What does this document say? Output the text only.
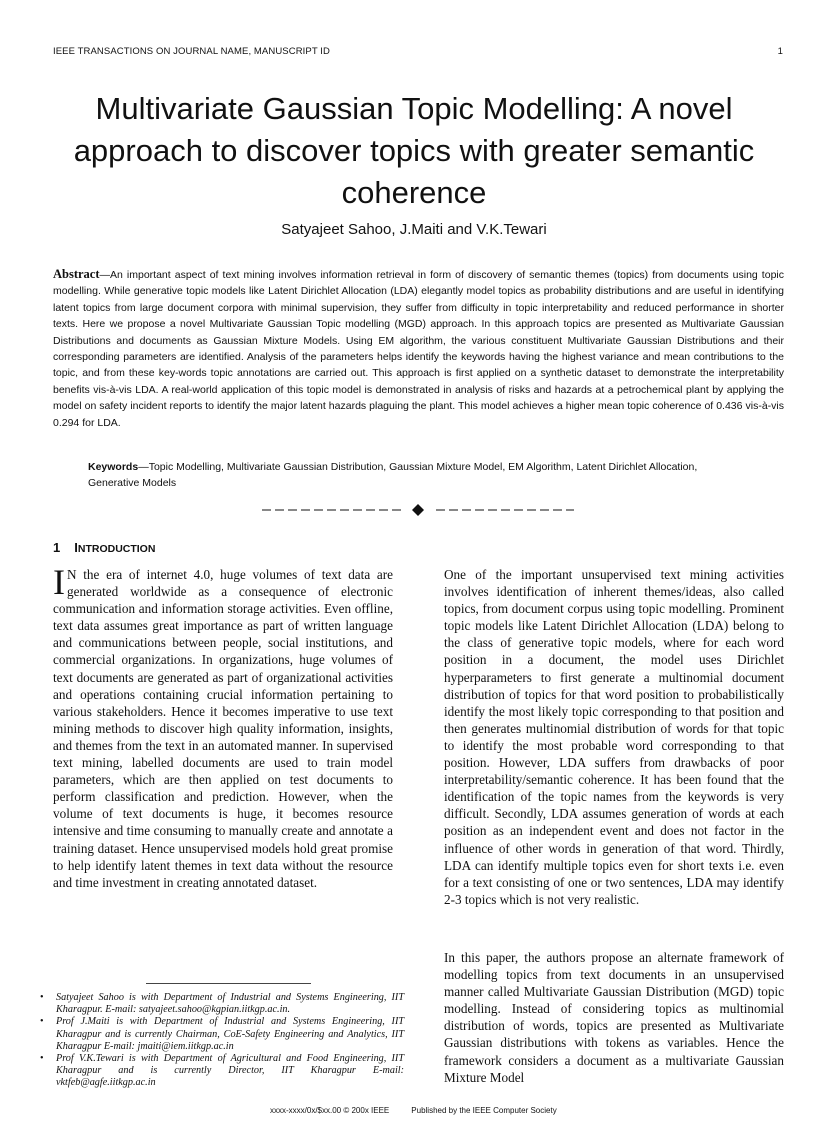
IEEE TRANSACTIONS ON JOURNAL NAME, MANUSCRIPT ID	1
Multivariate Gaussian Topic Modelling: A novel approach to discover topics with greater semantic coherence
Satyajeet Sahoo, J.Maiti and V.K.Tewari

Abstract—An important aspect of text mining involves information retrieval in form of discovery of semantic themes (topics) from documents using topic modelling. While generative topic models like Latent Dirichlet Allocation (LDA) elegantly model topics as probability distributions and are useful in identifying latent topics from large document corpora with minimal supervision, they suffer from difficulty in topic interpretability and reduced performance in shorter texts. Here we propose a novel Multivariate Gaussian Topic modelling (MGD) approach. In this approach topics are presented as Multivariate Gaussian Distributions and documents as Gaussian Mixture Models. Using EM algorithm, the various constituent Multivariate Gaussian Distributions and their corresponding parameters are identified. Analysis of the parameters helps identify the keywords having the highest variance and mean contributions to the topic, and from these key-words topic annotations are carried out. This approach is first applied on a synthetic dataset to demonstrate the interpretability benefits vis-à-vis LDA. A real-world application of this topic model is demonstrated in analysis of risks and hazards at a petrochemical plant by applying the model on safety incident reports to identify the major latent hazards plaguing the plant. This model achieves a higher mean topic coherence of 0.436 vis-à-vis 0.294 for LDA.

Keywords—Topic Modelling, Multivariate Gaussian Distribution, Gaussian Mixture Model, EM Algorithm, Latent Dirichlet Allocation, Generative Models

1 INTRODUCTION

I N the era of internet 4.0, huge volumes of text data are generated worldwide as a consequence of electronic communication and information storage activities. Even offline, text data assumes great importance as part of written language and communications between people, social institutions, and commercial organizations. In organizations, huge volumes of text documents are generated as part of organizational activities and operations containing crucial information pertaining to various stakeholders. Hence it becomes imperative to use text mining methods to discover high quality information, insights, and themes from the text in an automated manner. In supervised text mining, labelled documents are used to train model parameters, which are then applied on test documents to perform classification and prediction. However, when the volume of text documents is huge, it becomes resource intensive and time consuming to manually create and annotate a training dataset. Hence unsupervised models hold great promise to help identify latent themes in text data without the resource and time investment in creating annotated dataset.

One of the important unsupervised text mining activities involves identification of inherent themes/ideas, also called topics, from document corpus using topic modelling. Prominent topic models like Latent Dirichlet Allocation (LDA) belong to the class of generative topic models, where for each word position in a document, the model uses Dirichlet hyperparameters to first generate a multinomial document distribution of topics for that word position to probabilistically identify the most likely topic corresponding to that position and then generates multinomial distribution of words for that topic to identify the most probable word corresponding to that position. However, LDA suffers from drawbacks of poor interpretability/semantic coherence. It has been found that the identification of the topic names from the keywords is very difficult. Secondly, LDA assumes generation of words at each position as an independent event and does not factor in the influence of other words in generation of that word. Thirdly, LDA can identify multiple topics even for short texts i.e. even for a text consisting of one or two sentences, LDA may identify 2-3 topics which is not very realistic.

In this paper, the authors propose an alternate framework of modelling topics from text documents in an unsupervised manner called Multivariate Gaussian Distribution (MGD) topic modelling. Instead of considering topics as multinomial distribution of words, topics are presented as Multivariate Gaussian distributions with tokens as variables. Hence the framework considers a document as a multivariate Gaussian Mixture Model

• Satyajeet Sahoo is with Department of Industrial and Systems Engineering, IIT Kharagpur. E-mail: satyajeet.sahoo@kgpian.iitkgp.ac.in.
• Prof J.Maiti is with Department of Industrial and Systems Engineering, IIT Kharagpur and is currently Chairman, CoE-Safety Engineering and Analytics, IIT Kharagpur E-mail: jmaiti@iem.iitkgp.ac.in
• Prof V.K.Tewari is with Department of Agricultural and Food Engineering, IIT Kharagpur and is currently Director, IIT Kharagpur E-mail: vktfeb@agfe.iitkgp.ac.in
xxxx-xxxx/0x/$xx.00 © 200x IEEE	Published by the IEEE Computer Society
